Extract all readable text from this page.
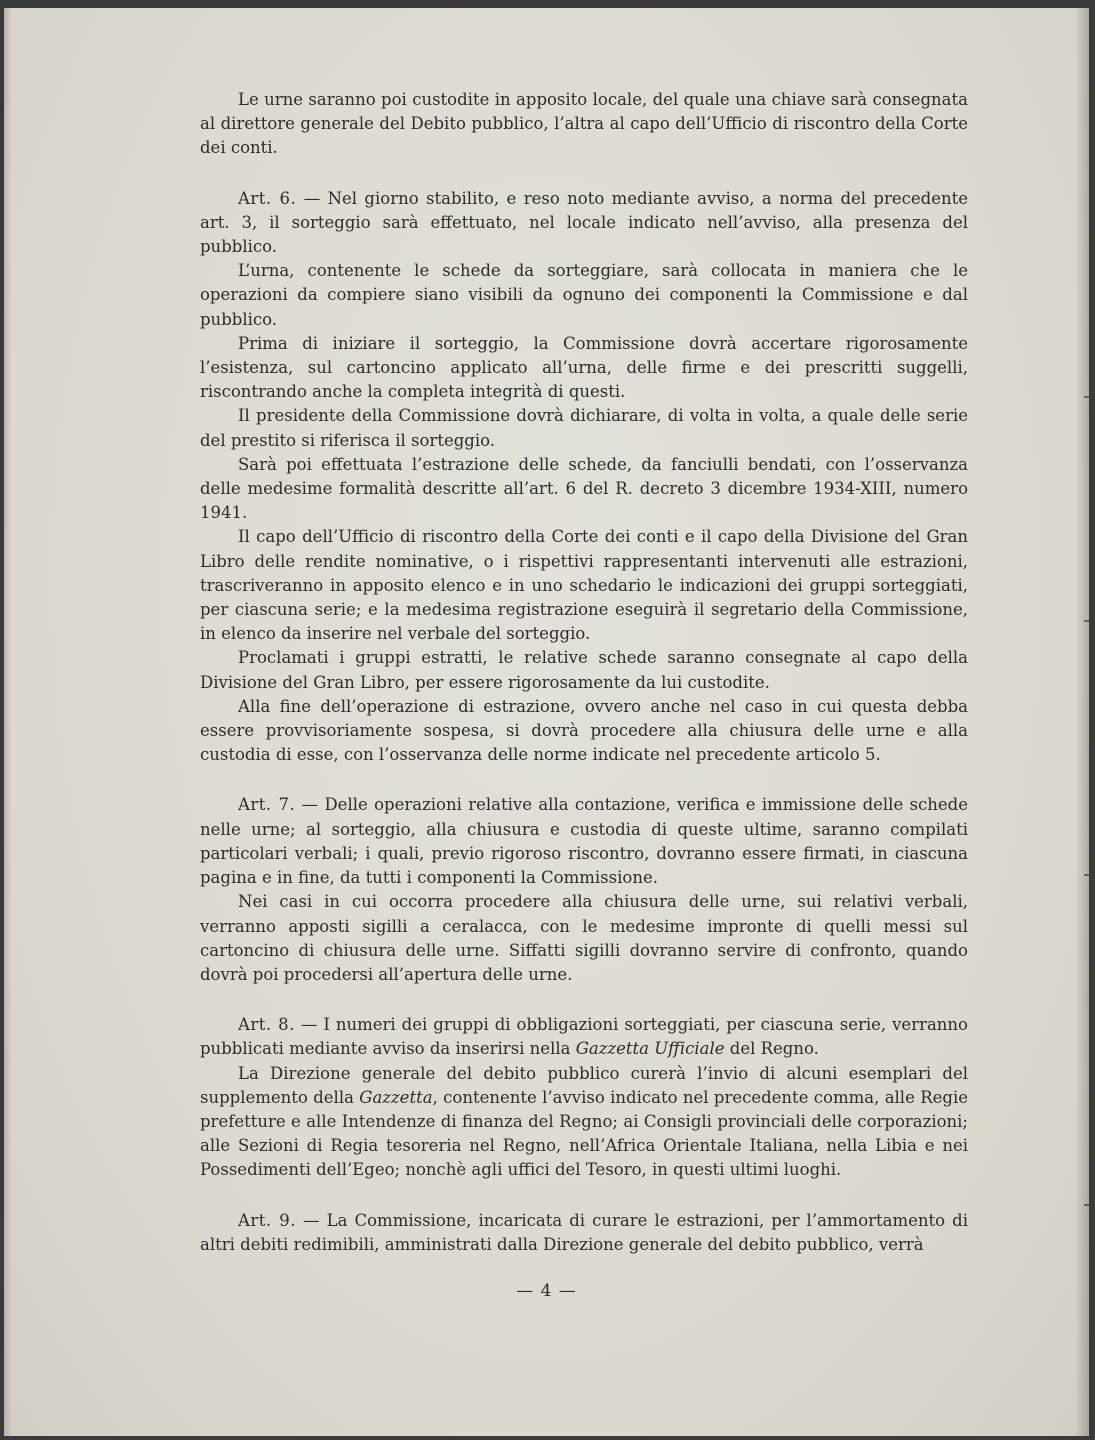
Le urne saranno poi custodite in apposito locale, del quale una chiave sarà consegnata al direttore generale del Debito pubblico, l’altra al capo dell’Ufficio di riscontro della Corte dei conti.

Art. 6. — Nel giorno stabilito, e reso noto mediante avviso, a norma del precedente art. 3, il sorteggio sarà effettuato, nel locale indicato nell’avviso, alla presenza del pubblico.

L’urna, contenente le schede da sorteggiare, sarà collocata in maniera che le operazioni da compiere siano visibili da ognuno dei componenti la Commissione e dal pubblico.

Prima di iniziare il sorteggio, la Commissione dovrà accertare rigorosamente l’esistenza, sul cartoncino applicato all’urna, delle firme e dei prescritti suggelli, riscontrando anche la completa integrità di questi.

Il presidente della Commissione dovrà dichiarare, di volta in volta, a quale delle serie del prestito si riferisca il sorteggio.

Sarà poi effettuata l’estrazione delle schede, da fanciulli bendati, con l’osservanza delle medesime formalità descritte all’art. 6 del R. decreto 3 dicembre 1934-XIII, numero 1941.

Il capo dell’Ufficio di riscontro della Corte dei conti e il capo della Divisione del Gran Libro delle rendite nominative, o i rispettivi rappresentanti intervenuti alle estrazioni, trascriveranno in apposito elenco e in uno schedario le indicazioni dei gruppi sorteggiati, per ciascuna serie; e la medesima registrazione eseguirà il segretario della Commissione, in elenco da inserire nel verbale del sorteggio.

Proclamati i gruppi estratti, le relative schede saranno consegnate al capo della Divisione del Gran Libro, per essere rigorosamente da lui custodite.

Alla fine dell’operazione di estrazione, ovvero anche nel caso in cui questa debba essere provvisoriamente sospesa, si dovrà procedere alla chiusura delle urne e alla custodia di esse, con l’osservanza delle norme indicate nel precedente articolo 5.

Art. 7. — Delle operazioni relative alla contazione, verifica e immissione delle schede nelle urne; al sorteggio, alla chiusura e custodia di queste ultime, saranno compilati particolari verbali; i quali, previo rigoroso riscontro, dovranno essere firmati, in ciascuna pagina e in fine, da tutti i componenti la Commissione.

Nei casi in cui occorra procedere alla chiusura delle urne, sui relativi verbali, verranno apposti sigilli a ceralacca, con le medesime impronte di quelli messi sul cartoncino di chiusura delle urne. Siffatti sigilli dovranno servire di confronto, quando dovrà poi procedersi all’apertura delle urne.

Art. 8. — I numeri dei gruppi di obbligazioni sorteggiati, per ciascuna serie, verranno pubblicati mediante avviso da inserirsi nella Gazzetta Ufficiale del Regno.

La Direzione generale del debito pubblico curerà l’invio di alcuni esemplari del supplemento della Gazzetta, contenente l’avviso indicato nel precedente comma, alle Regie prefetture e alle Intendenze di finanza del Regno; ai Consigli provinciali delle corporazioni; alle Sezioni di Regia tesoreria nel Regno, nell’Africa Orientale Italiana, nella Libia e nei Possedimenti dell’Egeo; nonchè agli uffici del Tesoro, in questi ultimi luoghi.

Art. 9. — La Commissione, incaricata di curare le estrazioni, per l’ammortamento di altri debiti redimibili, amministrati dalla Direzione generale del debito pubblico, verrà

— 4 —
